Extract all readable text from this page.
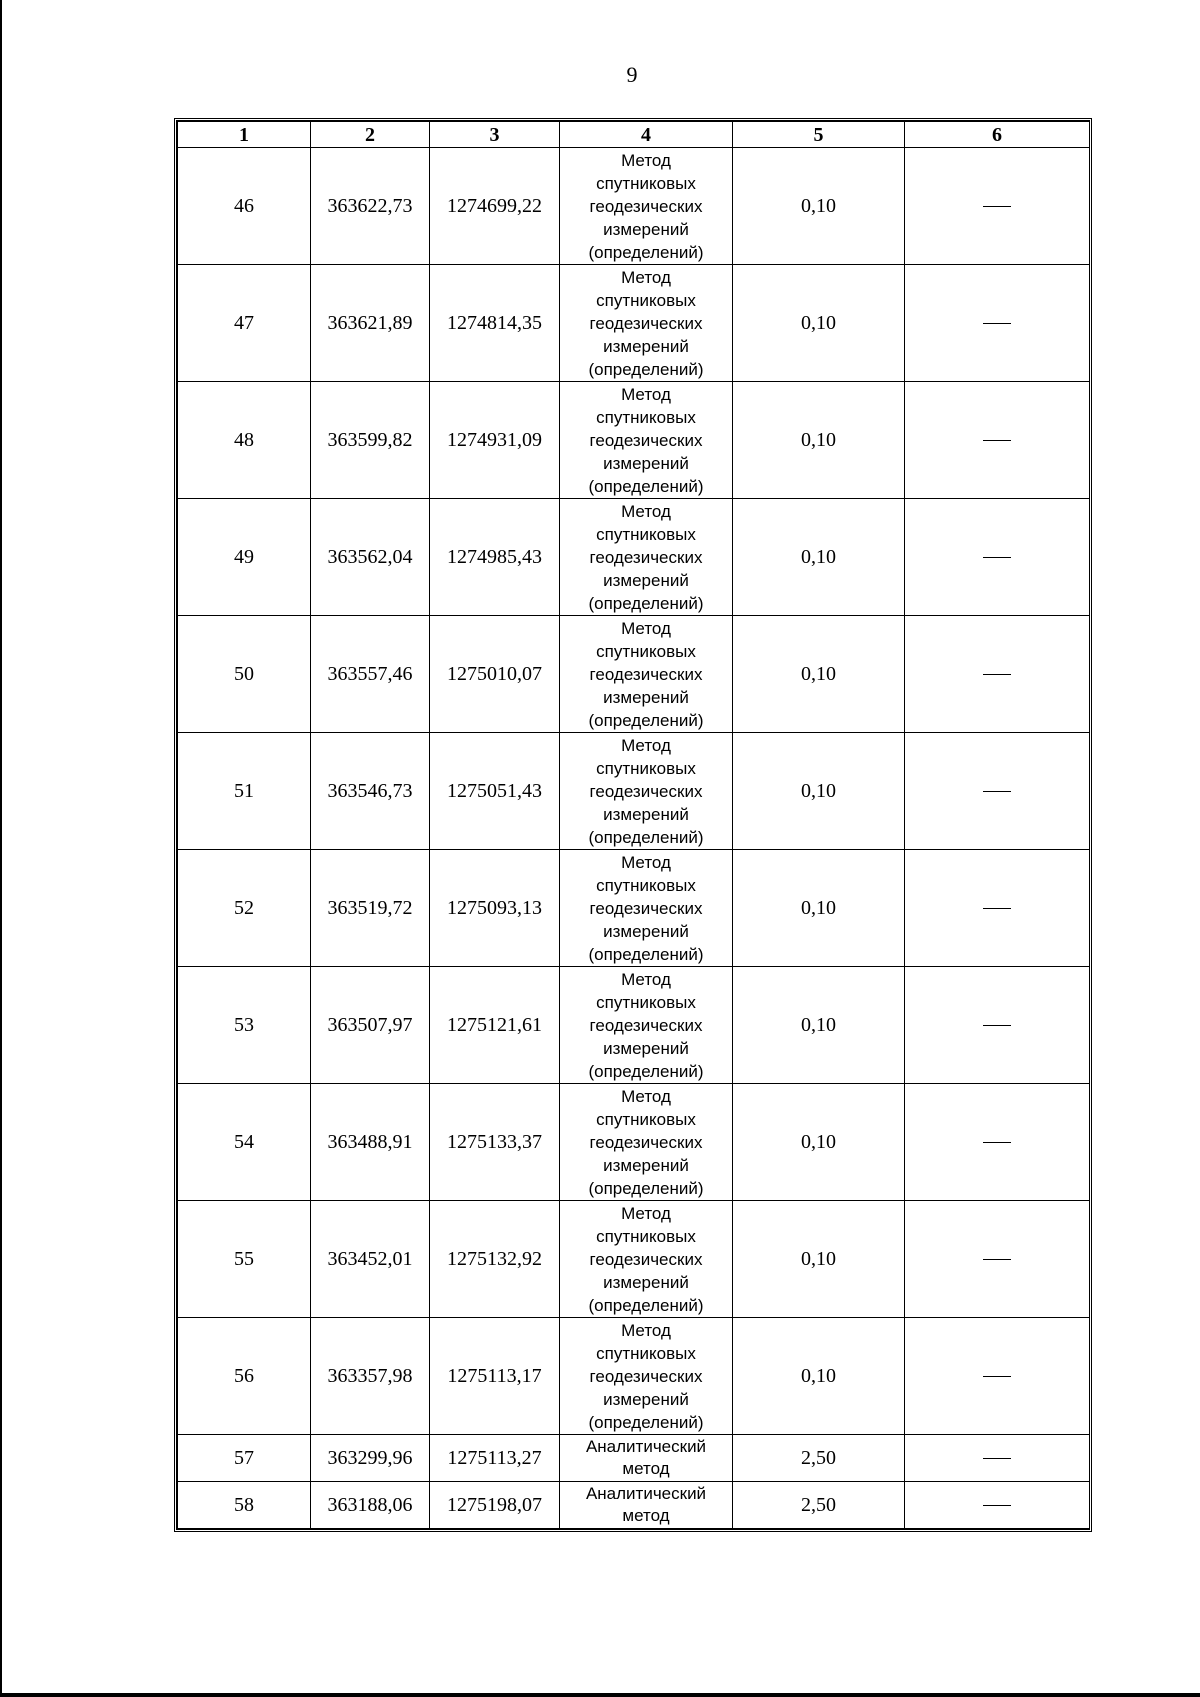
9
1	2	3	4	5	6
46	363622,73	1274699,22	Метод
спутниковых
геодезических
измерений
(определений)	0,10	
47	363621,89	1274814,35	Метод
спутниковых
геодезических
измерений
(определений)	0,10	
48	363599,82	1274931,09	Метод
спутниковых
геодезических
измерений
(определений)	0,10	
49	363562,04	1274985,43	Метод
спутниковых
геодезических
измерений
(определений)	0,10	
50	363557,46	1275010,07	Метод
спутниковых
геодезических
измерений
(определений)	0,10	
51	363546,73	1275051,43	Метод
спутниковых
геодезических
измерений
(определений)	0,10	
52	363519,72	1275093,13	Метод
спутниковых
геодезических
измерений
(определений)	0,10	
53	363507,97	1275121,61	Метод
спутниковых
геодезических
измерений
(определений)	0,10	
54	363488,91	1275133,37	Метод
спутниковых
геодезических
измерений
(определений)	0,10	
55	363452,01	1275132,92	Метод
спутниковых
геодезических
измерений
(определений)	0,10	
56	363357,98	1275113,17	Метод
спутниковых
геодезических
измерений
(определений)	0,10	
57	363299,96	1275113,27	Аналитический
метод	2,50	
58	363188,06	1275198,07	Аналитический
метод	2,50	
